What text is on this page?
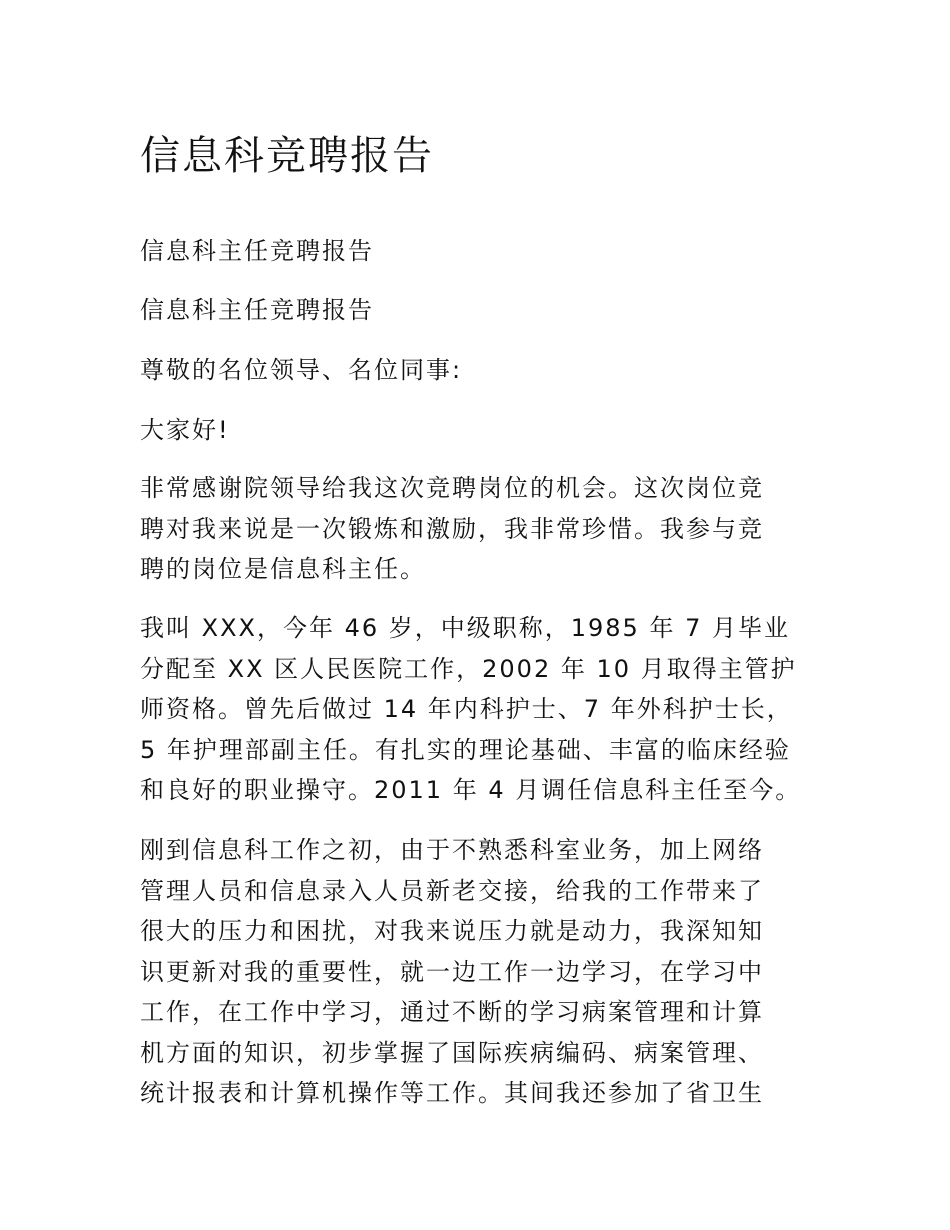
信息科竞聘报告

信息科主任竞聘报告

信息科主任竞聘报告

尊敬的名位领导、名位同事:

大家好!

非常感谢院领导给我这次竞聘岗位的机会。这次岗位竞
聘对我来说是一次锻炼和激励，我非常珍惜。我参与竞
聘的岗位是信息科主任。
我叫 XXX，今年 46 岁，中级职称，1985 年 7 月毕业
分配至 XX 区人民医院工作，2002 年 10 月取得主管护
师资格。曾先后做过 14 年内科护士、7 年外科护士长，
5 年护理部副主任。有扎实的理论基础、丰富的临床经验
和良好的职业操守。2011 年 4 月调任信息科主任至今。
刚到信息科工作之初，由于不熟悉科室业务，加上网络
管理人员和信息录入人员新老交接，给我的工作带来了
很大的压力和困扰，对我来说压力就是动力，我深知知
识更新对我的重要性，就一边工作一边学习，在学习中
工作，在工作中学习，通过不断的学习病案管理和计算
机方面的知识，初步掌握了国际疾病编码、病案管理、
统计报表和计算机操作等工作。其间我还参加了省卫生
